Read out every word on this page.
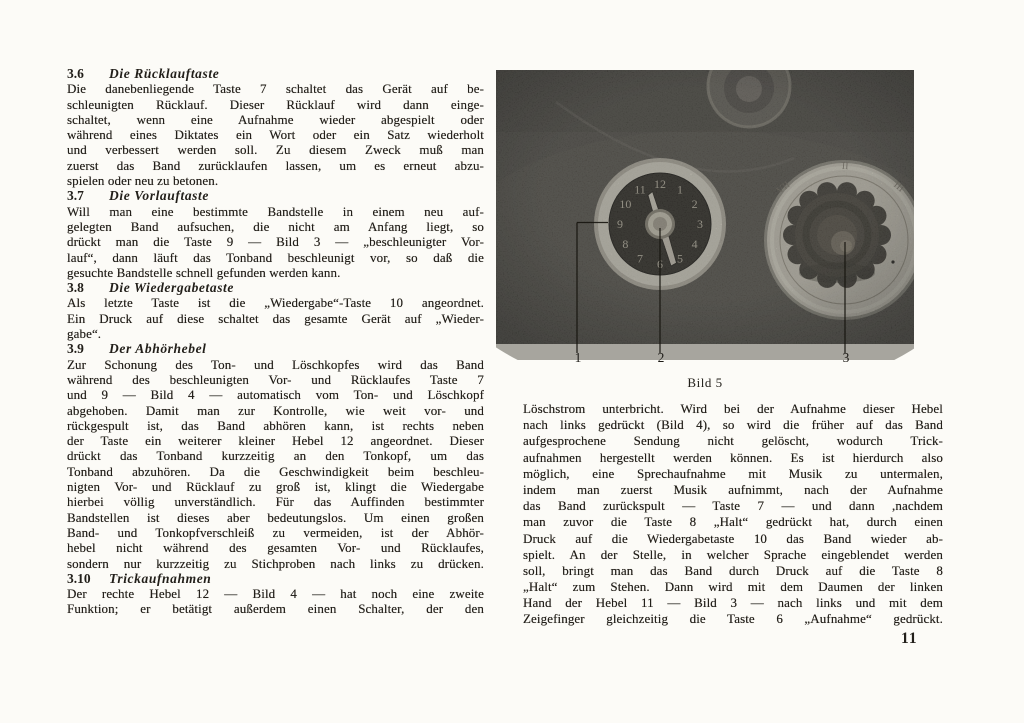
3.6 Die Rücklauftaste
Die danebenliegende Taste 7 schaltet das Gerät auf be-
schleunigten Rücklauf. Dieser Rücklauf wird dann einge-
schaltet, wenn eine Aufnahme wieder abgespielt oder
während eines Diktates ein Wort oder ein Satz wiederholt
und verbessert werden soll. Zu diesem Zweck muß man
zuerst das Band zurücklaufen lassen, um es erneut abzu-
spielen oder neu zu betonen.
3.7 Die Vorlauftaste
Will man eine bestimmte Bandstelle in einem neu auf-
gelegten Band aufsuchen, die nicht am Anfang liegt, so
drückt man die Taste 9 — Bild 3 — „beschleunigter Vor-
lauf“, dann läuft das Tonband beschleunigt vor, so daß die
gesuchte Bandstelle schnell gefunden werden kann.
3.8 Die Wiedergabetaste
Als letzte Taste ist die „Wiedergabe“-Taste 10 angeordnet.
Ein Druck auf diese schaltet das gesamte Gerät auf „Wieder-
gabe“.
3.9 Der Abhörhebel
Zur Schonung des Ton- und Löschkopfes wird das Band
während des beschleunigten Vor- und Rücklaufes Taste 7
und 9 — Bild 4 — automatisch vom Ton- und Löschkopf
abgehoben. Damit man zur Kontrolle, wie weit vor- und
rückgespult ist, das Band abhören kann, ist rechts neben
der Taste ein weiterer kleiner Hebel 12 angeordnet. Dieser
drückt das Tonband kurzzeitig an den Tonkopf, um das
Tonband abzuhören. Da die Geschwindigkeit beim beschleu-
nigten Vor- und Rücklauf zu groß ist, klingt die Wiedergabe
hierbei völlig unverständlich. Für das Auffinden bestimmter
Bandstellen ist dieses aber bedeutungslos. Um einen großen
Band- und Tonkopfverschleiß zu vermeiden, ist der Abhör-
hebel nicht während des gesamten Vor- und Rücklaufes,
sondern nur kurzzeitig zu Stichproben nach links zu drücken.
3.10 Trickaufnahmen
Der rechte Hebel 12 — Bild 4 — hat noch eine zweite
Funktion; er betätigt außerdem einen Schalter, der den
1	2	3
Bild 5
Löschstrom unterbricht. Wird bei der Aufnahme dieser Hebel
nach links gedrückt (Bild 4), so wird die früher auf das Band
aufgesprochene Sendung nicht gelöscht, wodurch Trick-
aufnahmen hergestellt werden können. Es ist hierdurch also
möglich, eine Sprechaufnahme mit Musik zu untermalen,
indem man zuerst Musik aufnimmt, nach der Aufnahme
das Band zurückspult — Taste 7 — und dann ,nachdem
man zuvor die Taste 8 „Halt“ gedrückt hat, durch einen
Druck auf die Wiedergabetaste 10 das Band wieder ab-
spielt. An der Stelle, in welcher Sprache eingeblendet werden
soll, bringt man das Band durch Druck auf die Taste 8
„Halt“ zum Stehen. Dann wird mit dem Daumen der linken
Hand der Hebel 11 — Bild 3 — nach links und mit dem
Zeigefinger gleichzeitig die Taste 6 „Aufnahme“ gedrückt.
11
